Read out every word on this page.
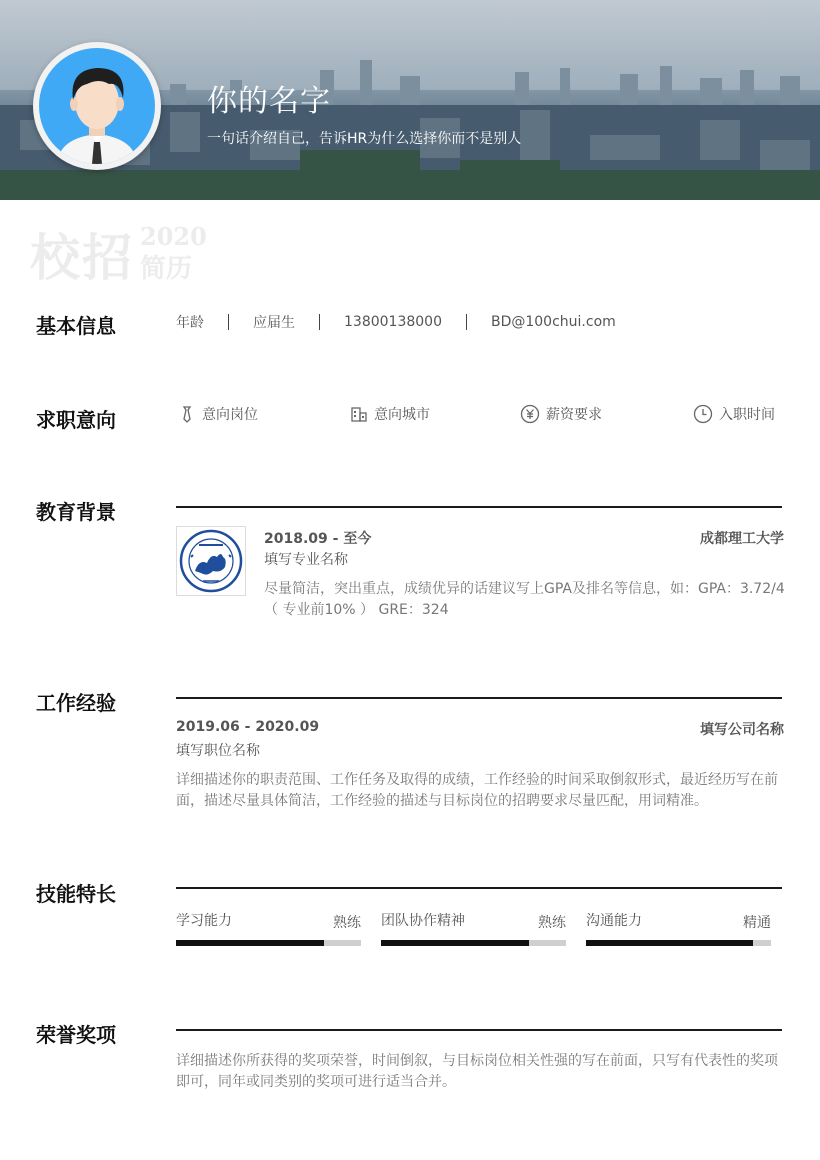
你的名字
一句话介绍自己，告诉HR为什么选择你而不是别人
校招 2020
简历
基本信息	年龄	应届生	13800138000	BD@100chui.com
求职意向	意向岗位	意向城市	薪资要求	入职时间
教育背景
2018.09 - 至今	成都理工大学
填写专业名称
尽量简洁，突出重点，成绩优异的话建议写上GPA及排名等信息，如：GPA：3.72/4（ 专业前10% ） GRE：324
工作经验
2019.06 - 2020.09	填写公司名称
填写职位名称
详细描述你的职责范围、工作任务及取得的成绩，工作经验的时间采取倒叙形式，最近经历写在前面，描述尽量具体简洁，工作经验的描述与目标岗位的招聘要求尽量匹配，用词精准。
技能特长
学习能力	熟练 团队协作精神	熟练 沟通能力	精通
荣誉奖项
详细描述你所获得的奖项荣誉，时间倒叙，与目标岗位相关性强的写在前面，只写有代表性的奖项即可，同年或同类别的奖项可进行适当合并。
